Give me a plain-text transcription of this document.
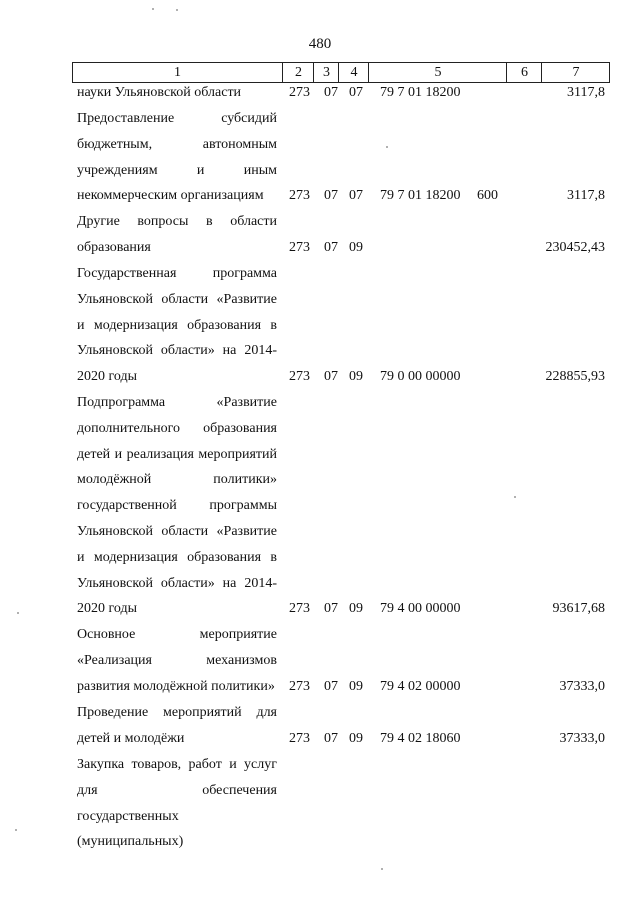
480
1	2	3	4	5	6	7
науки Ульяновской области	273 07 07 79 7 01 18200	3117,8
Предоставление субсидий бюджетным, автономным учреждениям и иным некоммерческим организациям	273 07 07 79 7 01 18200 600	3117,8
Другие вопросы в области образования	273 07 09	230452,43
Государственная программа Ульяновской области «Развитие и модернизация образования в Ульяновской области» на 2014-2020 годы	273 07 09 79 0 00 00000	228855,93
Подпрограмма «Развитие дополнительного образования детей и реализация мероприятий молодёжной политики» государственной программы Ульяновской области «Развитие и модернизация образования в Ульяновской области» на 2014-2020 годы	273 07 09 79 4 00 00000	93617,68
Основное мероприятие «Реализация механизмов развития молодёжной политики» 273 07 09 79 4 02 00000	37333,0
Проведение мероприятий для детей и молодёжи	273 07 09 79 4 02 18060	37333,0
Закупка товаров, работ и услуг для обеспечения государственных (муниципальных)
